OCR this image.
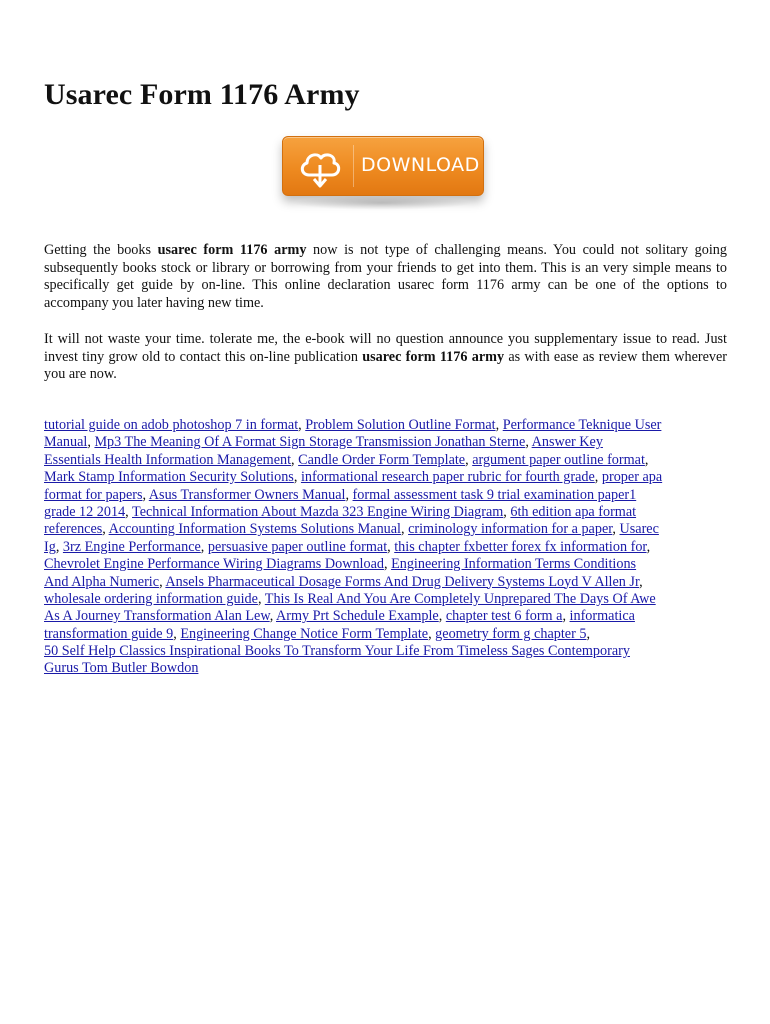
Usarec Form 1176 Army
DOWNLOAD

Getting the books usarec form 1176 army now is not type of challenging means. You could not solitary going subsequently books stock or library or borrowing from your friends to get into them. This is an very simple means to specifically get guide by on-line. This online declaration usarec form 1176 army can be one of the options to accompany you later having new time.

It will not waste your time. tolerate me, the e-book will no question announce you supplementary issue to read. Just invest tiny grow old to contact this on-line publication usarec form 1176 army as with ease as review them wherever you are now.

tutorial guide on adob photoshop 7 in format, Problem Solution Outline Format, Performance Teknique User
Manual, Mp3 The Meaning Of A Format Sign Storage Transmission Jonathan Sterne, Answer Key
Essentials Health Information Management, Candle Order Form Template, argument paper outline format,
Mark Stamp Information Security Solutions, informational research paper rubric for fourth grade, proper apa
format for papers, Asus Transformer Owners Manual, formal assessment task 9 trial examination paper1
grade 12 2014, Technical Information About Mazda 323 Engine Wiring Diagram, 6th edition apa format
references, Accounting Information Systems Solutions Manual, criminology information for a paper, Usarec
Ig, 3rz Engine Performance, persuasive paper outline format, this chapter fxbetter forex fx information for,
Chevrolet Engine Performance Wiring Diagrams Download, Engineering Information Terms Conditions
And Alpha Numeric, Ansels Pharmaceutical Dosage Forms And Drug Delivery Systems Loyd V Allen Jr,
wholesale ordering information guide, This Is Real And You Are Completely Unprepared The Days Of Awe
As A Journey Transformation Alan Lew, Army Prt Schedule Example, chapter test 6 form a, informatica
transformation guide 9, Engineering Change Notice Form Template, geometry form g chapter 5,
50 Self Help Classics Inspirational Books To Transform Your Life From Timeless Sages Contemporary
Gurus Tom Butler Bowdon
